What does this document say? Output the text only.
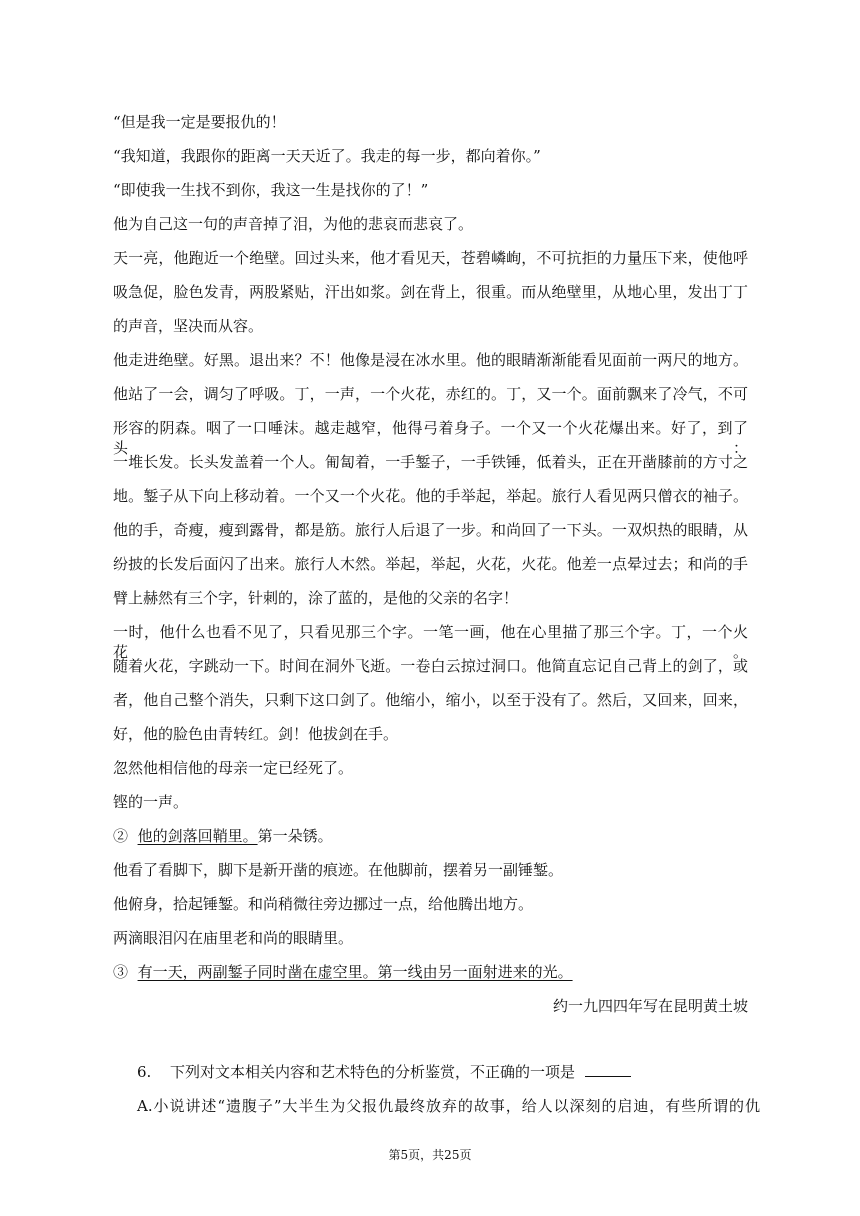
“但是我一定是要报仇的！
“我知道，我跟你的距离一天天近了。我走的每一步，都向着你。”
“即使我一生找不到你，我这一生是找你的了！”
他为自己这一句的声音掉了泪，为他的悲哀而悲哀了。
天一亮，他跑近一个绝壁。回过头来，他才看见天，苍碧嶙峋，不可抗拒的力量压下来，使他呼
吸急促，脸色发青，两股紧贴，汗出如浆。剑在背上，很重。而从绝壁里，从地心里，发出丁丁
的声音，坚决而从容。
他走进绝壁。好黑。退出来？不！他像是浸在冰水里。他的眼睛渐渐能看见面前一两尺的地方。
他站了一会，调匀了呼吸。丁，一声，一个火花，赤红的。丁，又一个。面前飘来了冷气，不可
形容的阴森。咽了一口唾沫。越走越窄，他得弓着身子。一个又一个火花爆出来。好了，到了头：
一堆长发。长头发盖着一个人。匍匐着，一手錾子，一手铁锤，低着头，正在开凿膝前的方寸之
地。錾子从下向上移动着。一个又一个火花。他的手举起，举起。旅行人看见两只僧衣的袖子。
他的手，奇瘦，瘦到露骨，都是筋。旅行人后退了一步。和尚回了一下头。一双炽热的眼睛，从
纷披的长发后面闪了出来。旅行人木然。举起，举起，火花，火花。他差一点晕过去；和尚的手
臂上赫然有三个字，针刺的，涂了蓝的，是他的父亲的名字！
一时，他什么也看不见了，只看见那三个字。一笔一画，他在心里描了那三个字。丁，一个火花。
随着火花，字跳动一下。时间在洞外飞逝。一卷白云掠过洞口。他简直忘记自己背上的剑了，或
者，他自己整个消失，只剩下这口剑了。他缩小，缩小，以至于没有了。然后，又回来，回来，
好，他的脸色由青转红。剑！他拔剑在手。
忽然他相信他的母亲一定已经死了。
铿的一声。
② 他的剑落回鞘里。第一朵锈。
他看了看脚下，脚下是新开凿的痕迹。在他脚前，摆着另一副锤錾。
他俯身，拾起锤錾。和尚稍微往旁边挪过一点，给他腾出地方。
两滴眼泪闪在庙里老和尚的眼睛里。
③ 有一天，两副錾子同时凿在虚空里。第一线由另一面射进来的光。
约一九四四年写在昆明黄土坡
6. 下列对文本相关内容和艺术特色的分析鉴赏，不正确的一项是
A.小说讲述“遗腹子”大半生为父报仇最终放弃的故事，给人以深刻的启迪，有些所谓的仇
第5页，共25页
